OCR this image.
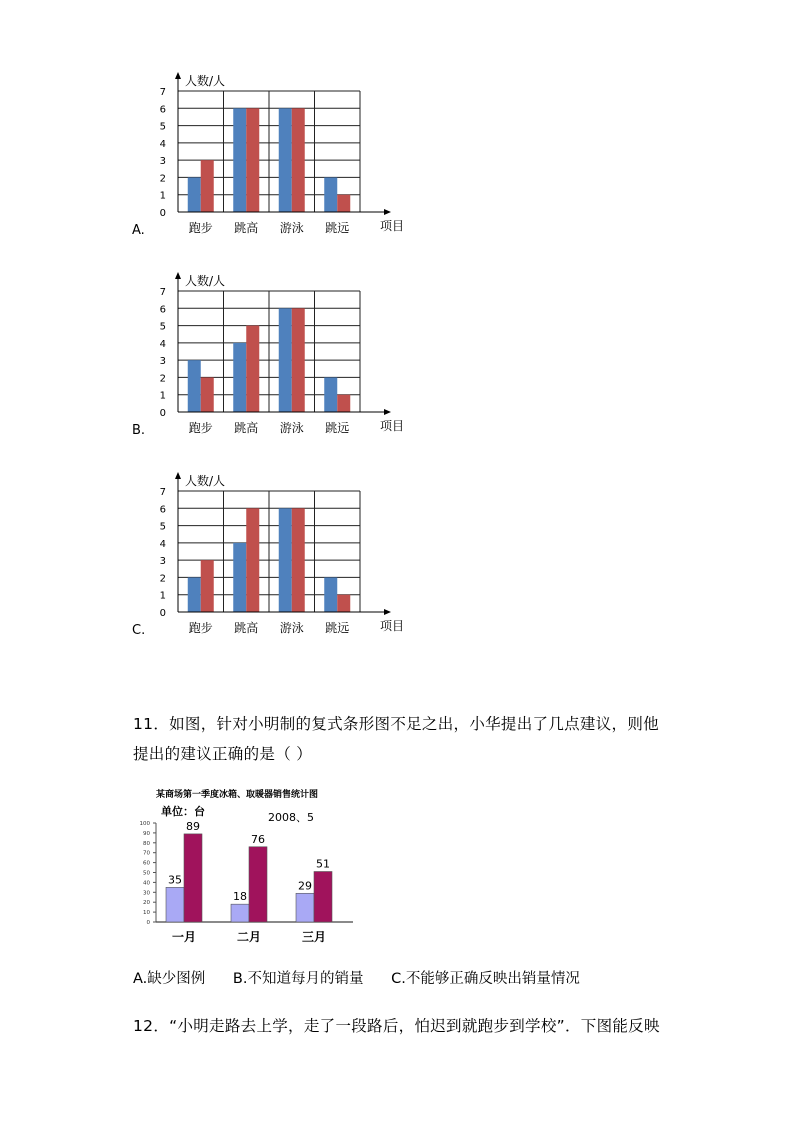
0
1
2
3
4
5
6
7
人数/人
跑步 跳高 游泳 跳远	项目
A.
0
1
2
3
4
5
6
7
人数/人
跑步 跳高 游泳 跳远	项目
B.
0
1
2
3
4
5
6
7
人数/人
跑步 跳高 游泳 跳远	项目
C.
11．如图，针对小明制的复式条形图不足之出，小华提出了几点建议，则他
提出的建议正确的是（ ）
某商场第一季度冰箱、取暖器销售统计图
单位：台	2008、5
0
10
20
30
40
50
60
70
80
90
100
35
89
一月
18
76
二月
29
51
三月
A.缺少图例      B.不知道每月的销量      C.不能够正确反映出销量情况
12．“小明走路去上学，走了一段路后，怕迟到就跑步到学校”．下图能反映
